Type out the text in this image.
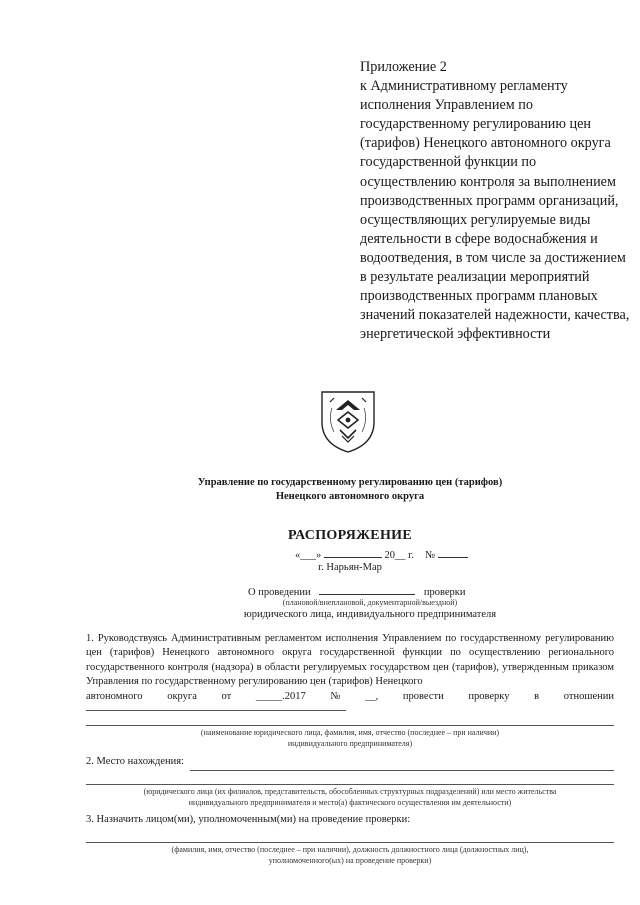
Приложение 2
к Административному регламенту исполнения Управлением по государственному регулированию цен (тарифов) Ненецкого автономного округа государственной функции по осуществлению контроля за выполнением производственных программ организаций, осуществляющих регулируемые виды деятельности в сфере водоснабжения и водоотведения, в том числе за достижением в результате реализации мероприятий производственных программ плановых значений показателей надежности, качества, энергетической эффективности
Управление по государственному регулированию цен (тарифов)
Ненецкого автономного округа
РАСПОРЯЖЕНИЕ
«___»	20__ г. №
г. Нарьян-Мар
О проведении	проверки
(плановой/внеплановой, документарной/выездной)
юридического лица, индивидуального предпринимателя
1. Руководствуясь Административным регламентом исполнения Управлением по государственному регулированию цен (тарифов) Ненецкого автономного округа государственной функции по осуществлению регионального государственного контроля (надзора) в области регулируемых государством цен (тарифов), утвержденным приказом Управления по государственному регулированию цен (тарифов) Ненецкого
автономного округа от _____.2017 № __, провести проверку в отношении
(наименование юридического лица, фамилия, имя, отчество (последнее – при наличии)
индивидуального предпринимателя)
2. Место нахождения:
(юридического лица (их филиалов, представительств, обособленных структурных подразделений) или место жительства
индивидуального предпринимателя и место(а) фактического осуществления им деятельности)
3. Назначить лицом(ми), уполномоченным(ми) на проведение проверки:
(фамилия, имя, отчество (последнее – при наличии), должность должностного лица (должностных лиц),
уполномоченного(ых) на проведение проверки)
